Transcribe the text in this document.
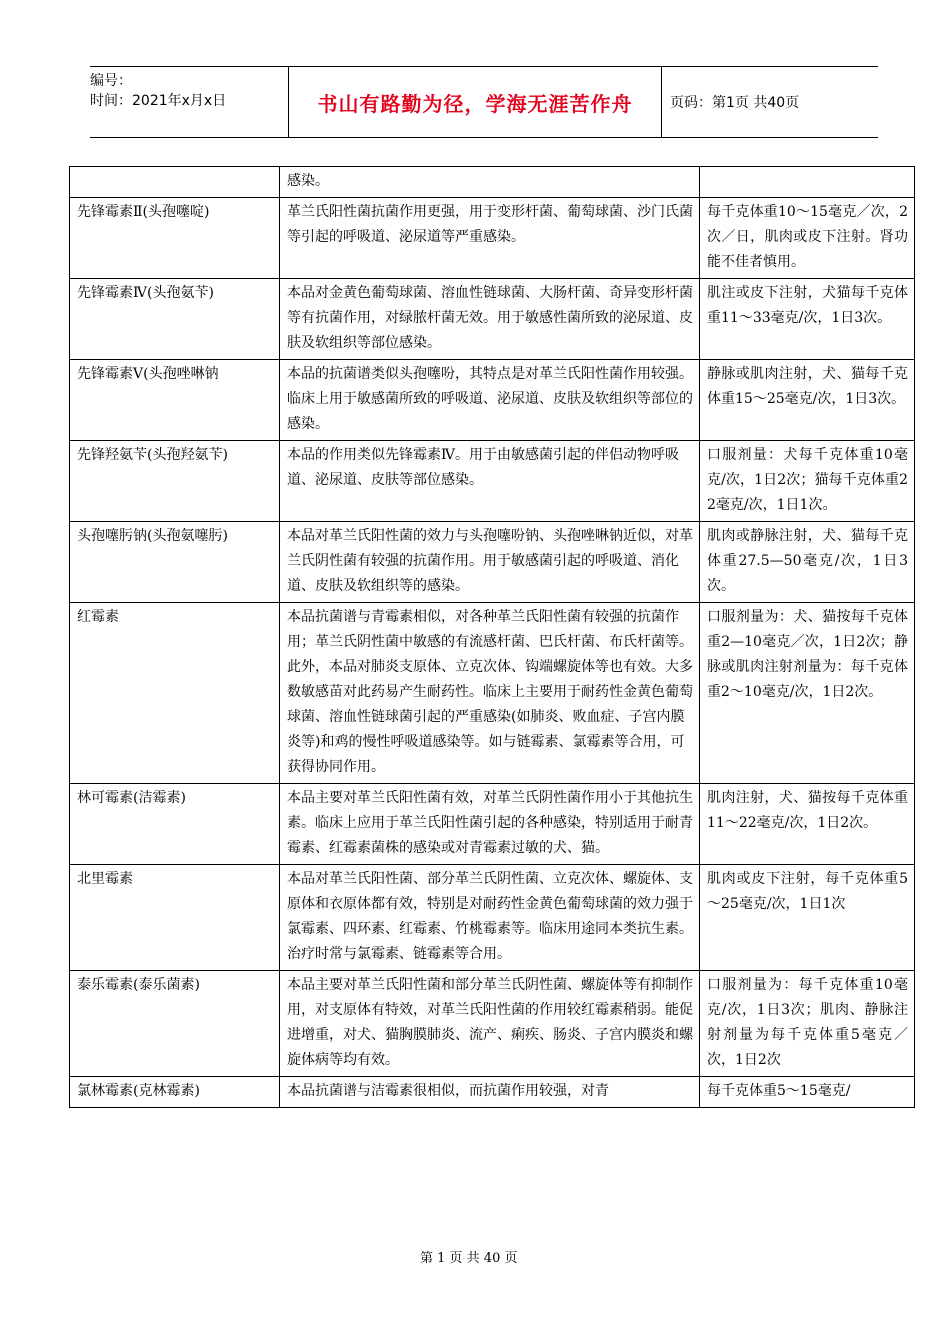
编号：
时间：2021年x月x日	书山有路勤为径，学海无涯苦作舟	页码：第1页 共40页
	感染。	
先锋霉素Ⅱ(头孢噻啶)	革兰氏阳性菌抗菌作用更强，用于变形杆菌、葡萄球菌、沙门氏菌等引起的呼吸道、泌尿道等严重感染。	每千克体重10～15毫克／次，2次／日，肌肉或皮下注射。肾功能不佳者慎用。
先锋霉素Ⅳ(头孢氨苄)	本品对金黄色葡萄球菌、溶血性链球菌、大肠杆菌、奇异变形杆菌等有抗菌作用，对绿脓杆菌无效。用于敏感性菌所致的泌尿道、皮肤及软组织等部位感染。	肌注或皮下注射，犬猫每千克体重11～33毫克/次，1日3次。
先锋霉素Ⅴ(头孢唑啉钠	本品的抗菌谱类似头孢噻吩，其特点是对革兰氏阳性菌作用较强。临床上用于敏感菌所致的呼吸道、泌尿道、皮肤及软组织等部位的感染。	静脉或肌肉注射，犬、猫每千克体重15～25毫克/次，1日3次。
先锋羟氨苄(头孢羟氨苄)	本品的作用类似先锋霉素Ⅳ。用于由敏感菌引起的伴侣动物呼吸道、泌尿道、皮肤等部位感染。	口服剂量：犬每千克体重10毫克/次，1日2次；猫每千克体重22毫克/次，1日1次。
头孢噻肟钠(头孢氨噻肟)	本品对革兰氏阳性菌的效力与头孢噻吩钠、头孢唑啉钠近似，对革兰氏阴性菌有较强的抗菌作用。用于敏感菌引起的呼吸道、消化道、皮肤及软组织等的感染。	肌肉或静脉注射，犬、猫每千克体重27.5—50毫克/次，1日3次。
红霉素	本品抗菌谱与青霉素相似，对各种革兰氏阳性菌有较强的抗菌作用；革兰氏阴性菌中敏感的有流感杆菌、巴氏杆菌、布氏杆菌等。此外，本品对肺炎支原体、立克次体、钩端螺旋体等也有效。大多数敏感苗对此药易产生耐药性。临床上主要用于耐药性金黄色葡萄球菌、溶血性链球菌引起的严重感染(如肺炎、败血症、子宫内膜炎等)和鸡的慢性呼吸道感染等。如与链霉素、氯霉素等合用，可获得协同作用。	口服剂量为：犬、猫按每千克体重2—10毫克／次，1日2次；静脉或肌肉注射剂量为：每千克体重2～10毫克/次，1日2次。
林可霉素(洁霉素)	本品主要对革兰氏阳性菌有效，对革兰氏阴性菌作用小于其他抗生素。临床上应用于革兰氏阳性菌引起的各种感染，特别适用于耐青霉素、红霉素菌株的感染或对青霉素过敏的犬、猫。	肌肉注射，犬、猫按每千克体重11～22毫克/次，1日2次。
北里霉素	本品对革兰氏阳性菌、部分革兰氏阴性菌、立克次体、螺旋体、支原体和衣原体都有效，特别是对耐药性金黄色葡萄球菌的效力强于氯霉素、四环素、红霉素、竹桃霉素等。临床用途同本类抗生素。治疗时常与氯霉素、链霉素等合用。	肌肉或皮下注射，每千克体重5～25毫克/次，1日1次
泰乐霉素(泰乐菌素)	本品主要对革兰氏阳性菌和部分革兰氏阴性菌、螺旋体等有抑制作用，对支原体有特效，对革兰氏阳性菌的作用较红霉素稍弱。能促进增重，对犬、猫胸膜肺炎、流产、痢疾、肠炎、子宫内膜炎和螺旋体病等均有效。	口服剂量为：每千克体重10毫克/次，1日3次；肌肉、静脉注射剂量为每千克体重5毫克／次，1日2次
氯林霉素(克林霉素)	本品抗菌谱与洁霉素很相似，而抗菌作用较强，对青	每千克体重5～15毫克/
第 1 页 共 40 页
